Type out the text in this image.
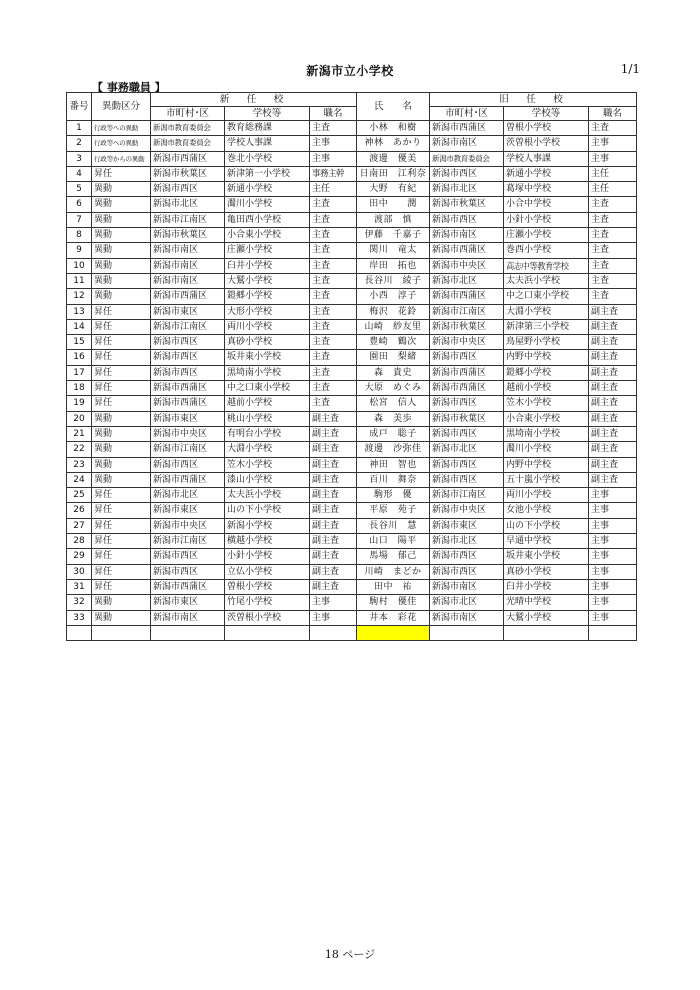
新潟市立小学校	1/1
【 事務職員 】
番号	異動区分	新　任　校			氏　　名	旧　任　校		
		市町村･区	学校等	職名		市町村･区	学校等	職名
1	行政等への異動	新潟市教育委員会	教育総務課	主査	小林　和樹	新潟市西蒲区	曽根小学校	主査
2	行政等への異動	新潟市教育委員会	学校人事課	主事	神林　あかり	新潟市南区	茨曽根小学校	主事
3	行政等からの異動	新潟市西蒲区	巻北小学校	主事	渡邊　優美	新潟市教育委員会	学校人事課	主事
4	昇任	新潟市秋葉区	新津第一小学校	事務主幹	日南田　江利奈	新潟市西区	新通小学校	主任
5	異動	新潟市西区	新通小学校	主任	大野　有紀	新潟市北区	葛塚中学校	主任
6	異動	新潟市北区	濁川小学校	主査	田中　　潤	新潟市秋葉区	小合中学校	主査
7	異動	新潟市江南区	亀田西小学校	主査	渡部　慎	新潟市西区	小針小学校	主査
8	異動	新潟市秋葉区	小合東小学校	主査	伊藤　千嘉子	新潟市南区	庄瀬小学校	主査
9	異動	新潟市南区	庄瀬小学校	主査	関川　竜太	新潟市西蒲区	巻西小学校	主査
10	異動	新潟市南区	臼井小学校	主査	岸田　拓也	新潟市中央区	高志中等教育学校	主査
11	異動	新潟市南区	大鷲小学校	主査	長谷川　綾子	新潟市北区	太夫浜小学校	主査
12	異動	新潟市西蒲区	鎧郷小学校	主査	小西　淳子	新潟市西蒲区	中之口東小学校	主査
13	昇任	新潟市東区	大形小学校	主査	梅沢　花鈴	新潟市江南区	大淵小学校	副主査
14	昇任	新潟市江南区	両川小学校	主査	山崎　紗友里	新潟市秋葉区	新津第三小学校	副主査
15	昇任	新潟市西区	真砂小学校	主査	豊崎　鶴次	新潟市中央区	鳥屋野小学校	副主査
16	昇任	新潟市西区	坂井東小学校	主査	園田　梨緒	新潟市西区	内野中学校	副主査
17	昇任	新潟市西区	黒埼南小学校	主査	森　貴史	新潟市西蒲区	鎧郷小学校	副主査
18	昇任	新潟市西蒲区	中之口東小学校	主査	大原　めぐみ	新潟市西蒲区	越前小学校	副主査
19	昇任	新潟市西蒲区	越前小学校	主査	松宮　信人	新潟市西区	笠木小学校	副主査
20	異動	新潟市東区	桃山小学校	副主査	森　美歩	新潟市秋葉区	小合東小学校	副主査
21	異動	新潟市中央区	有明台小学校	副主査	成戸　聡子	新潟市西区	黒埼南小学校	副主査
22	異動	新潟市江南区	大淵小学校	副主査	渡邊　沙弥佳	新潟市北区	濁川小学校	副主査
23	異動	新潟市西区	笠木小学校	副主査	神田　智也	新潟市西区	内野中学校	副主査
24	異動	新潟市西蒲区	漆山小学校	副主査	百川　舞奈	新潟市西区	五十嵐小学校	副主査
25	昇任	新潟市北区	太夫浜小学校	副主査	駒形　優	新潟市江南区	両川小学校	主事
26	昇任	新潟市東区	山の下小学校	副主査	平原　苑子	新潟市中央区	女池小学校	主事
27	昇任	新潟市中央区	新潟小学校	副主査	長谷川　慧	新潟市東区	山の下小学校	主事
28	昇任	新潟市江南区	横越小学校	副主査	山口　陽平	新潟市北区	早通中学校	主事
29	昇任	新潟市西区	小針小学校	副主査	馬場　郁己	新潟市西区	坂井東小学校	主事
30	昇任	新潟市西区	立仏小学校	副主査	川崎　まどか	新潟市西区	真砂小学校	主事
31	昇任	新潟市西蒲区	曽根小学校	副主査	田中　祐	新潟市南区	臼井小学校	主事
32	異動	新潟市東区	竹尾小学校	主事	駒村　優佳	新潟市北区	光晴中学校	主事
33	異動	新潟市南区	茨曽根小学校	主事	井本　彩花	新潟市南区	大鷲小学校	主事

18 ページ
